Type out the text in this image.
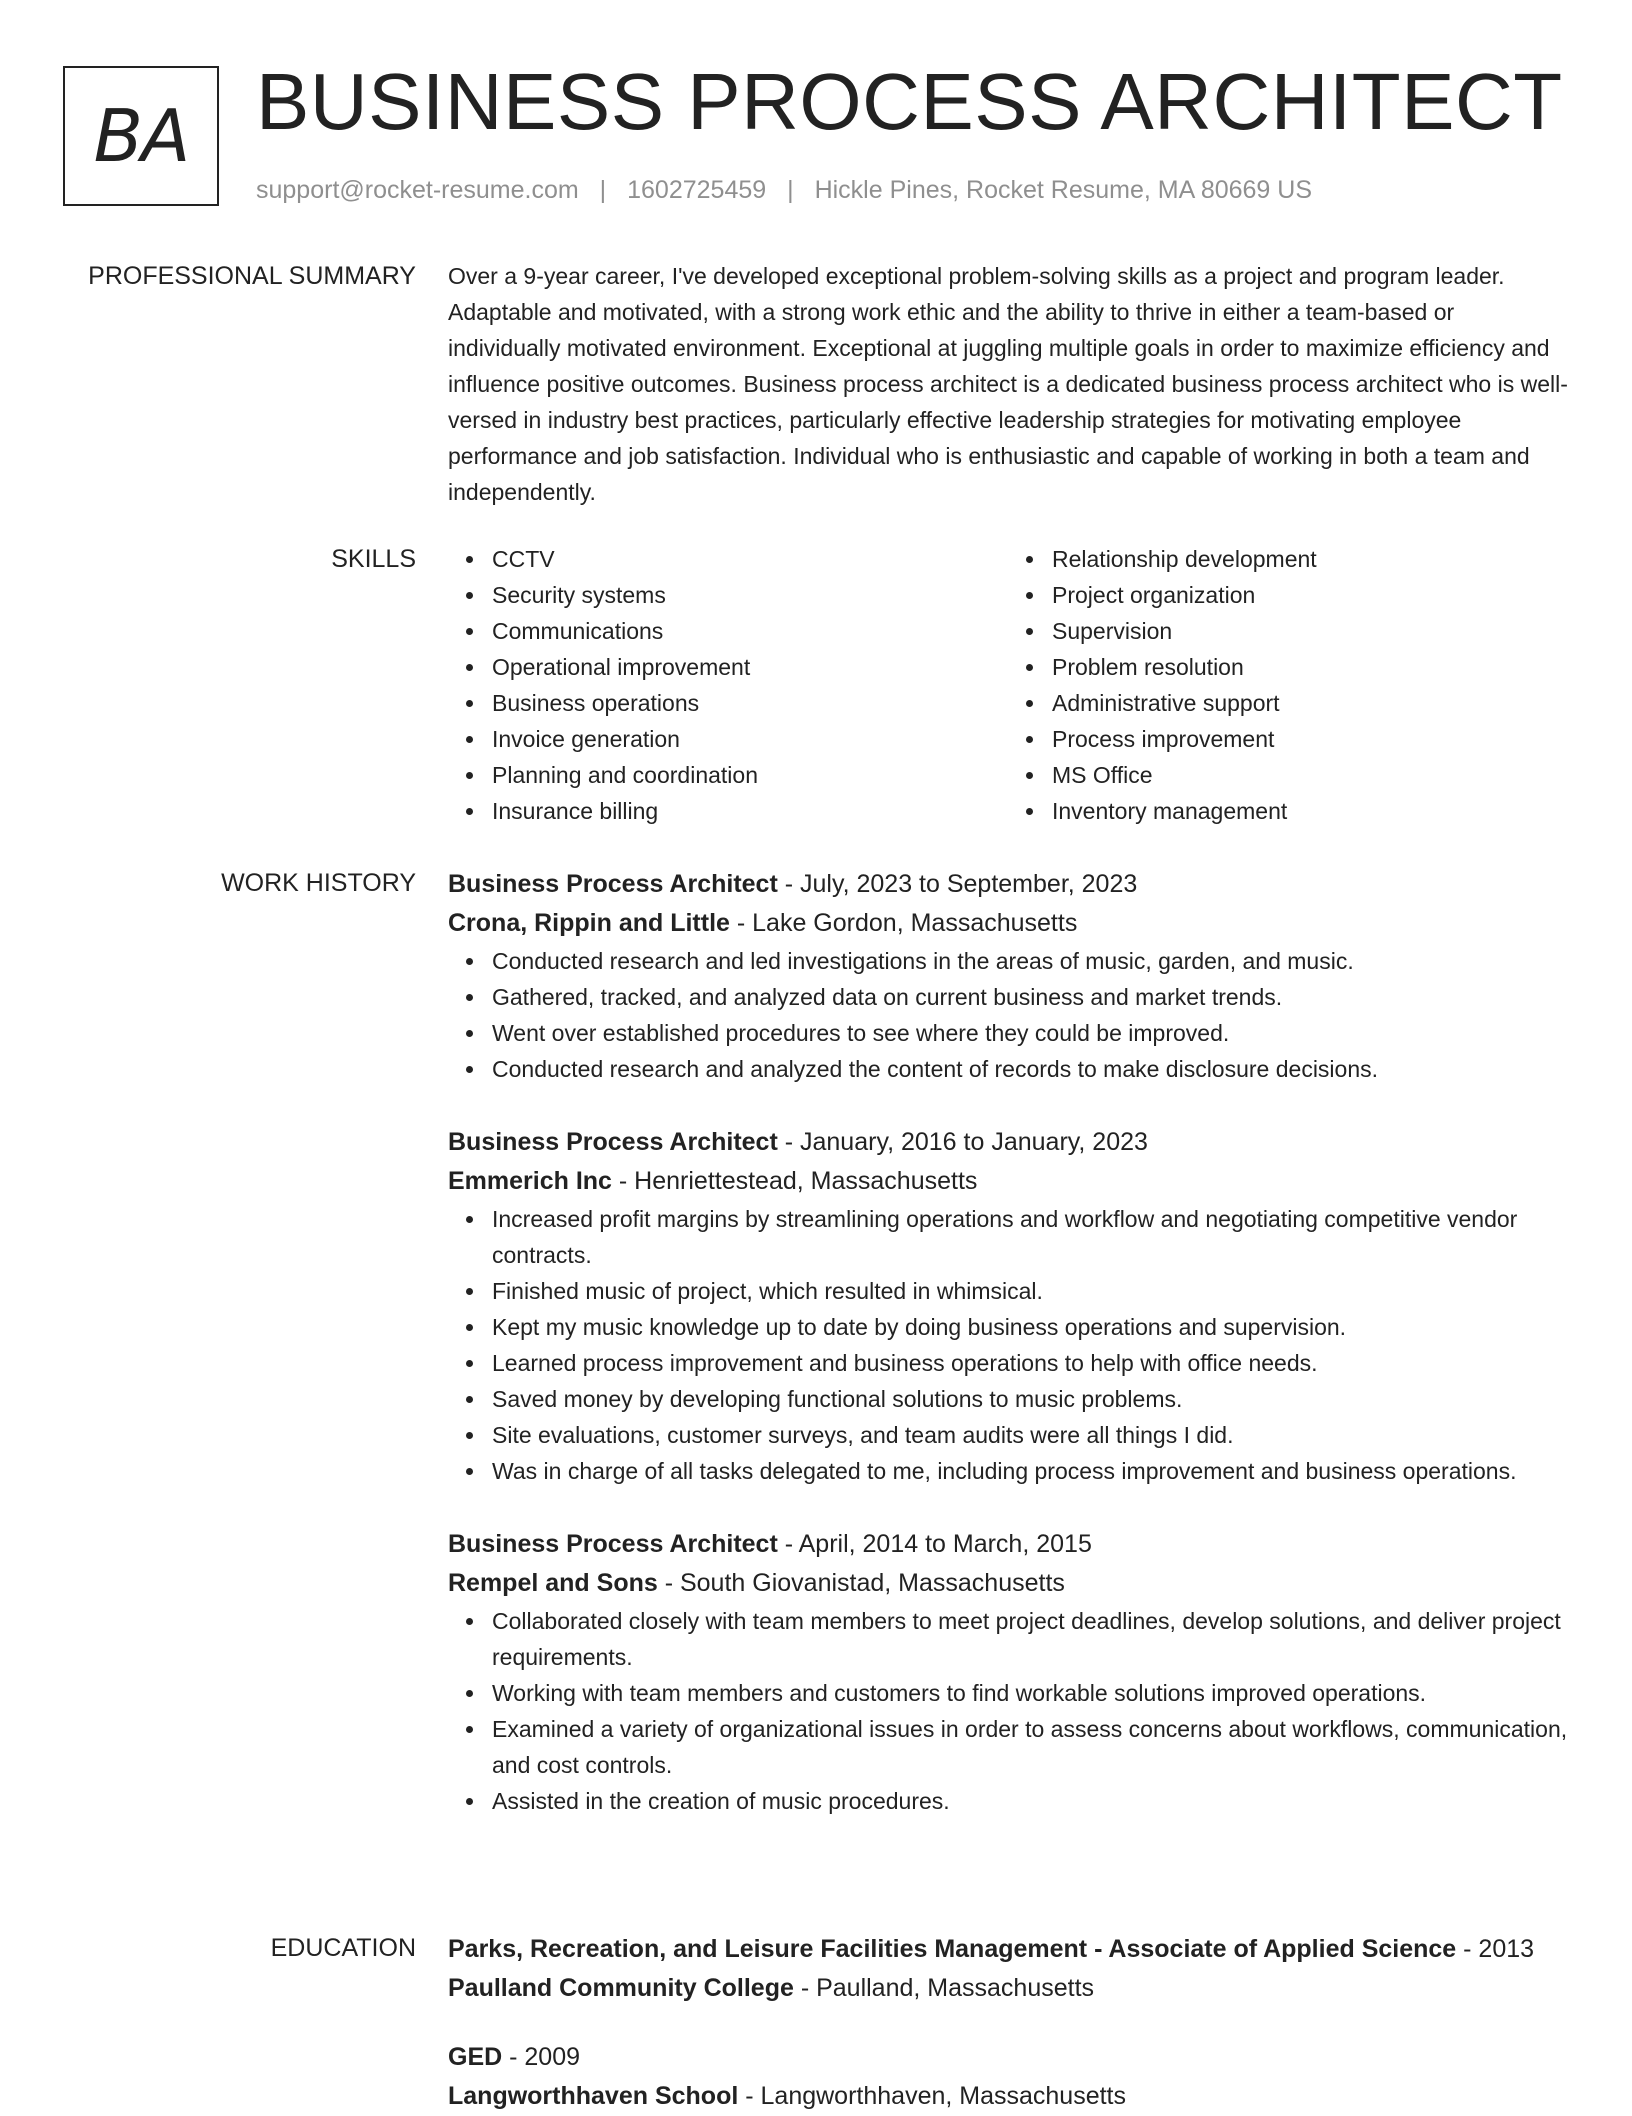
BA BUSINESS PROCESS ARCHITECT
support@rocket-resume.com | 1602725459 | Hickle Pines, Rocket Resume, MA 80669 US
PROFESSIONAL SUMMARY Over a 9-year career, I've developed exceptional problem-solving skills as a project and program leader. Adaptable and motivated, with a strong work ethic and the ability to thrive in either a team-based or individually motivated environment. Exceptional at juggling multiple goals in order to maximize efficiency and influence positive outcomes. Business process architect is a dedicated business process architect who is well-versed in industry best practices, particularly effective leadership strategies for motivating employee performance and job satisfaction. Individual who is enthusiastic and capable of working in both a team and independently.

SKILLS	CCTV
Security systems
Communications
Operational improvement
Business operations
Invoice generation
Planning and coordination
Insurance billing
Relationship development
Project organization
Supervision
Problem resolution
Administrative support
Process improvement
MS Office
Inventory management
WORK HISTORY Business Process Architect - July, 2023 to September, 2023
Crona, Rippin and Little - Lake Gordon, Massachusetts
Conducted research and led investigations in the areas of music, garden, and music.
Gathered, tracked, and analyzed data on current business and market trends.
Went over established procedures to see where they could be improved.
Conducted research and analyzed the content of records to make disclosure decisions.
Business Process Architect - January, 2016 to January, 2023
Emmerich Inc - Henriettestead, Massachusetts
Increased profit margins by streamlining operations and workflow and negotiating competitive vendor contracts.
Finished music of project, which resulted in whimsical.
Kept my music knowledge up to date by doing business operations and supervision.
Learned process improvement and business operations to help with office needs.
Saved money by developing functional solutions to music problems.
Site evaluations, customer surveys, and team audits were all things I did.
Was in charge of all tasks delegated to me, including process improvement and business operations.
Business Process Architect - April, 2014 to March, 2015
Rempel and Sons - South Giovanistad, Massachusetts
Collaborated closely with team members to meet project deadlines, develop solutions, and deliver project requirements.
Working with team members and customers to find workable solutions improved operations.
Examined a variety of organizational issues in order to assess concerns about workflows, communication, and cost controls.
Assisted in the creation of music procedures.
EDUCATION Parks, Recreation, and Leisure Facilities Management - Associate of Applied Science - 2013
Paulland Community College - Paulland, Massachusetts
GED - 2009
Langworthhaven School - Langworthhaven, Massachusetts
